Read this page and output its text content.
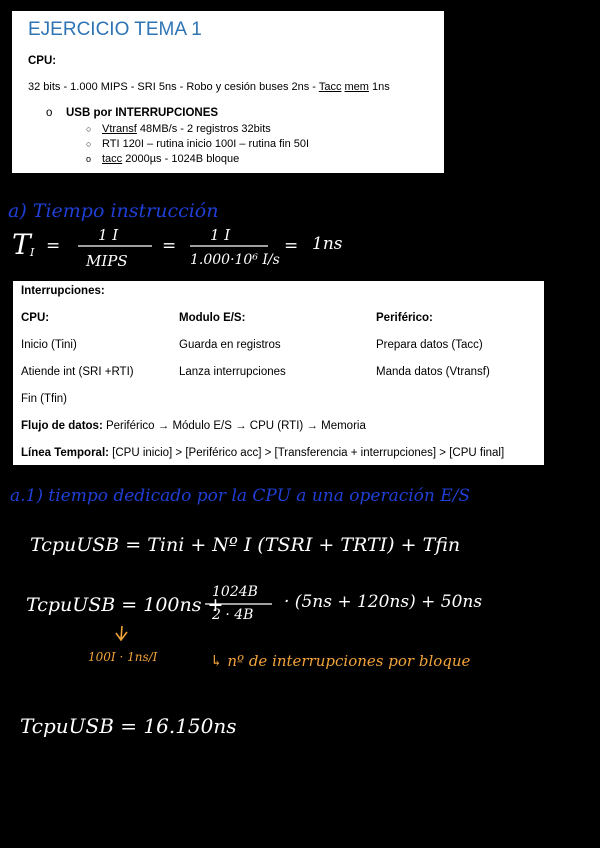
EJERCICIO TEMA 1
CPU:
32 bits - 1.000 MIPS - SRI 5ns - Robo y cesión buses 2ns - Tacc mem 1ns
o USB por INTERRUPCIONES
○ Vtransf 48MB/s - 2 registros 32bits
○ RTI 120I – rutina inicio 100I – rutina fin 50I
o tacc 2000µs - 1024B bloque
a) Tiempo instrucción
T I =
1 I
MIPS
=
1 I
1.000·10⁶ I/s
= 1ns
Interrupciones:
CPU:	Modulo E/S:	Periférico:
Inicio (Tini)	Guarda en registros	Prepara datos (Tacc)
Atiende int (SRI +RTI)	Lanza interrupciones	Manda datos (Vtransf)
Fin (Tfin)
Flujo de datos: Periférico → Módulo E/S → CPU (RTI) → Memoria
Línea Temporal: [CPU inicio] > [Periférico acc] > [Transferencia + interrupciones] > [CPU final]
a.1) tiempo dedicado por la CPU a una operación E/S
TcpuUSB = Tini + Nº I (TSRI + TRTI) + Tfin
TcpuUSB = 100ns +
1024B
2 · 4B
· (5ns + 120ns) + 50ns
100I · 1ns/I	↳ nº de interrupciones por bloque
TcpuUSB = 16.150ns
